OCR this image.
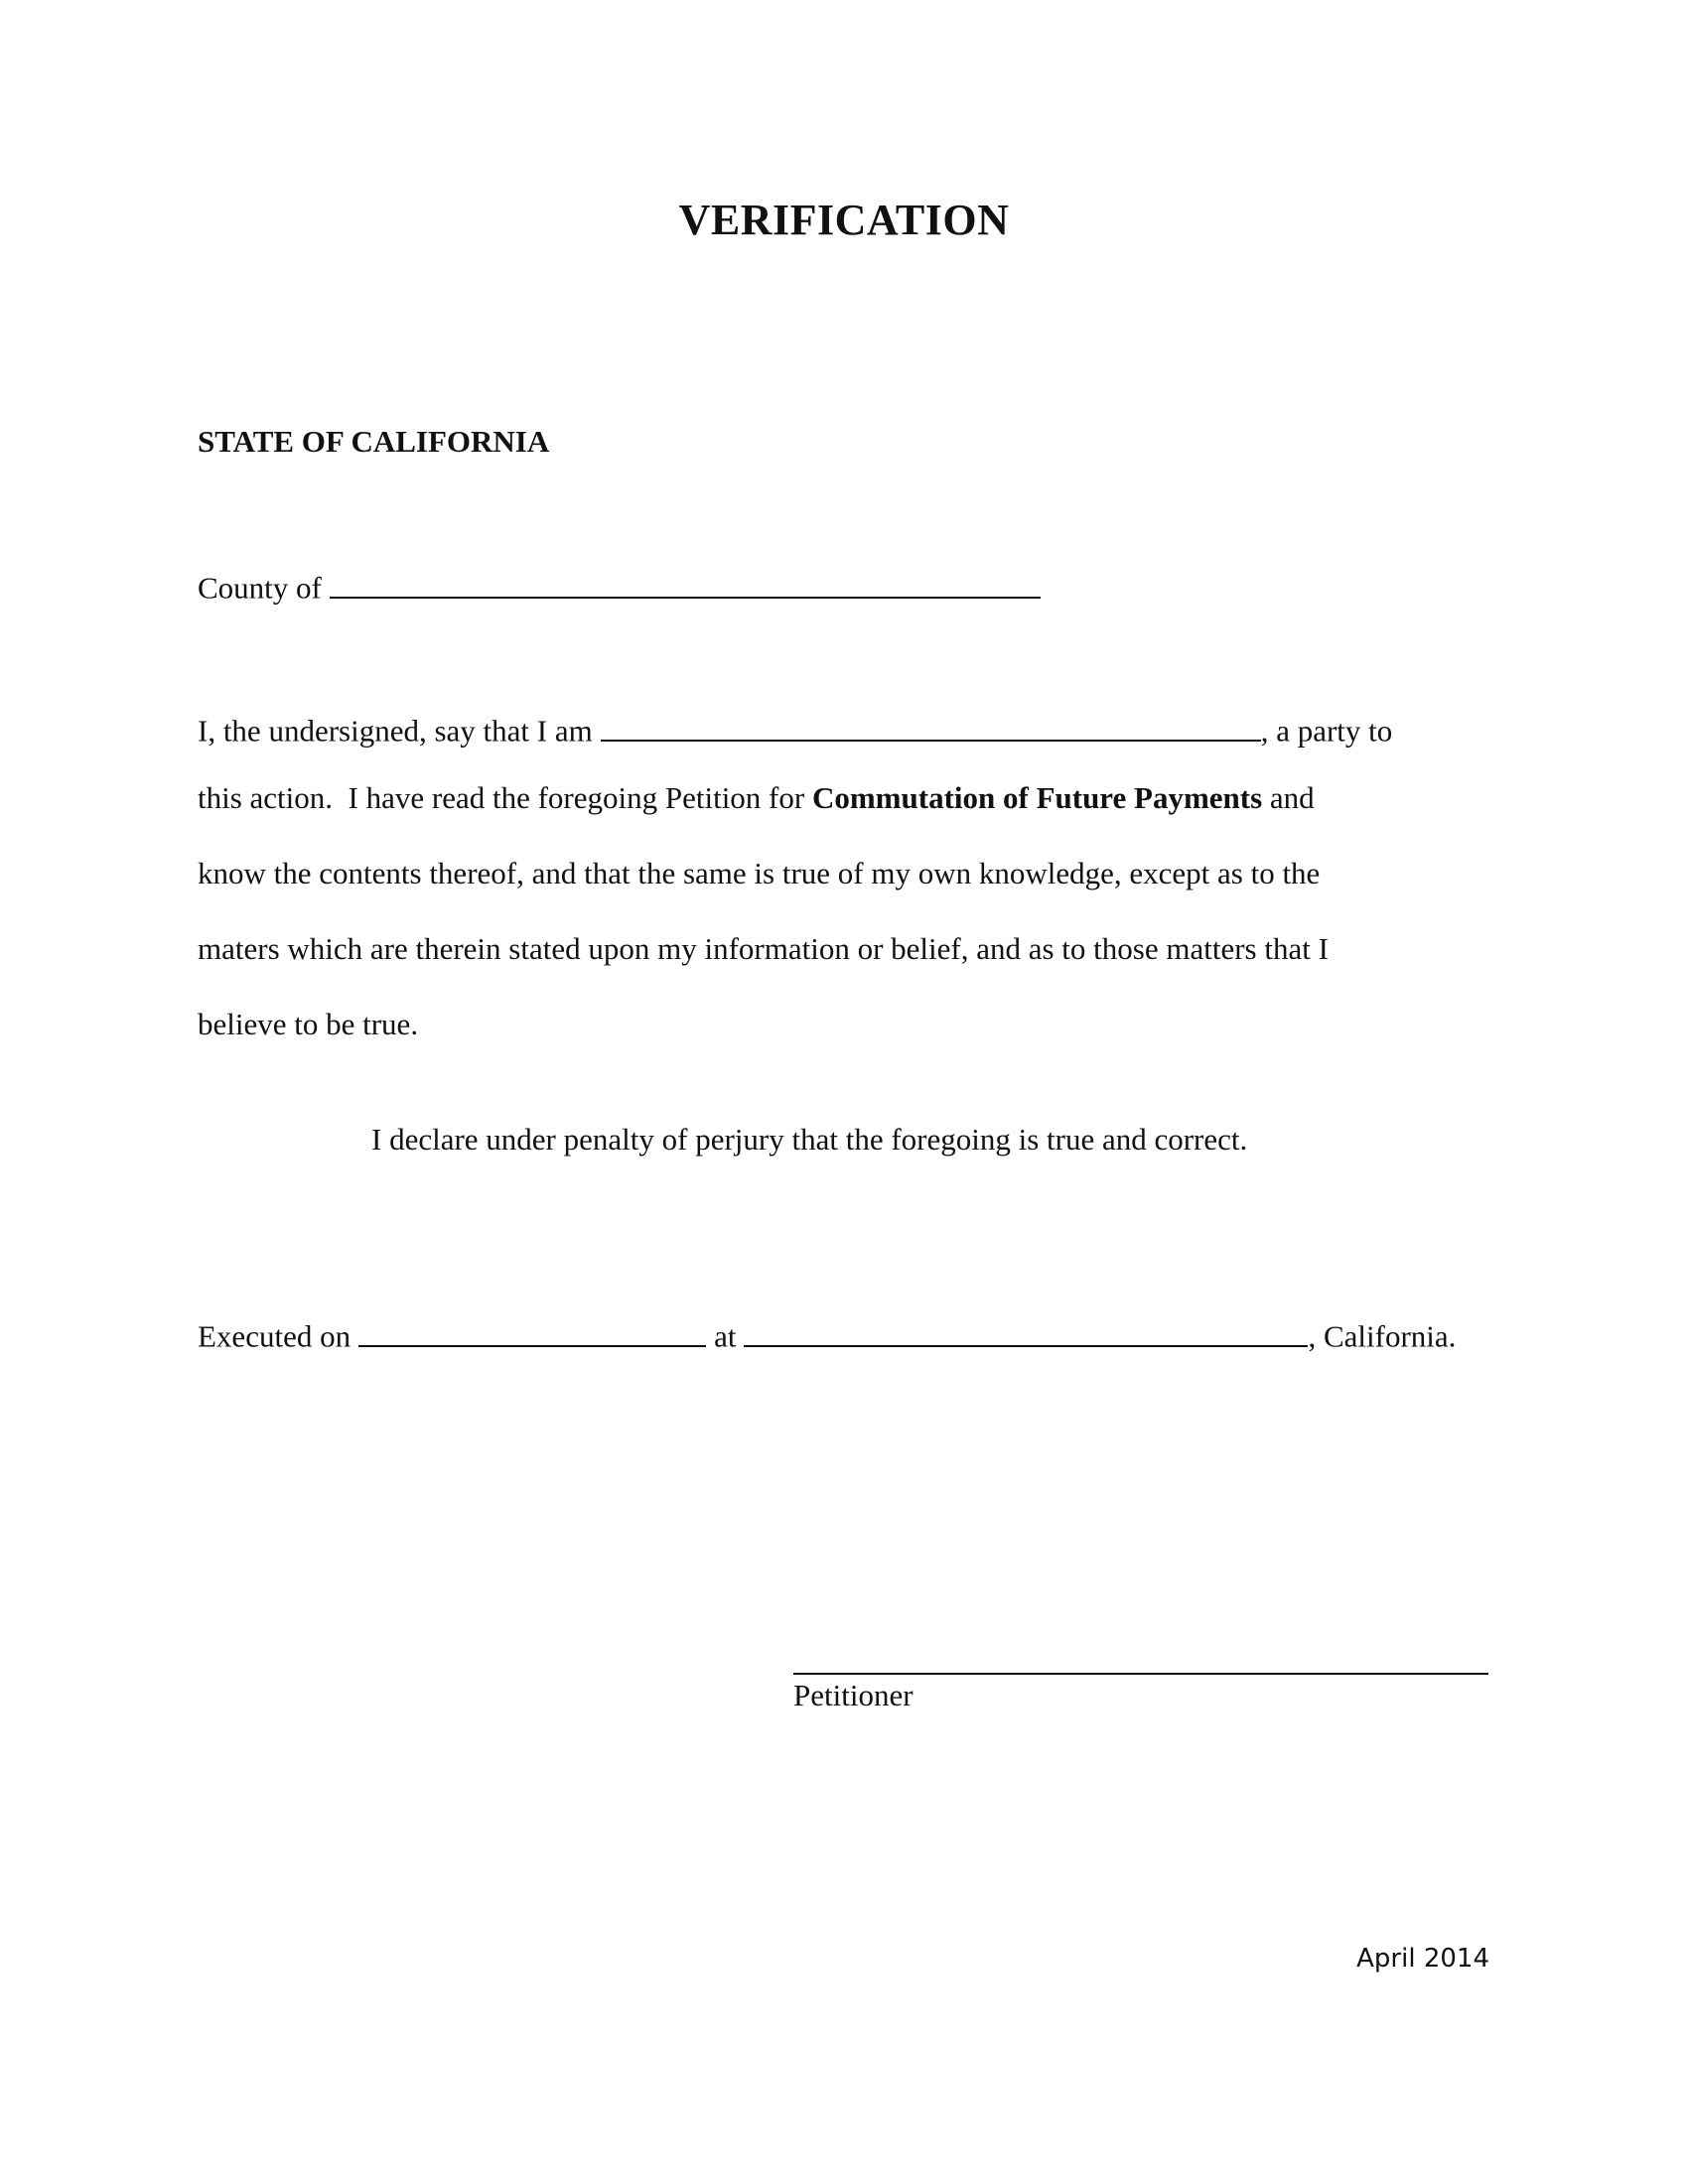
VERIFICATION
STATE OF CALIFORNIA
County of
I, the undersigned, say that I am	, a party to
this action.  I have read the foregoing Petition for Commutation of Future Payments and
know the contents thereof, and that the same is true of my own knowledge, except as to the
maters which are therein stated upon my information or belief, and as to those matters that I
believe to be true.
I declare under penalty of perjury that the foregoing is true and correct.
Executed on	at	, California.
Petitioner
April 2014
